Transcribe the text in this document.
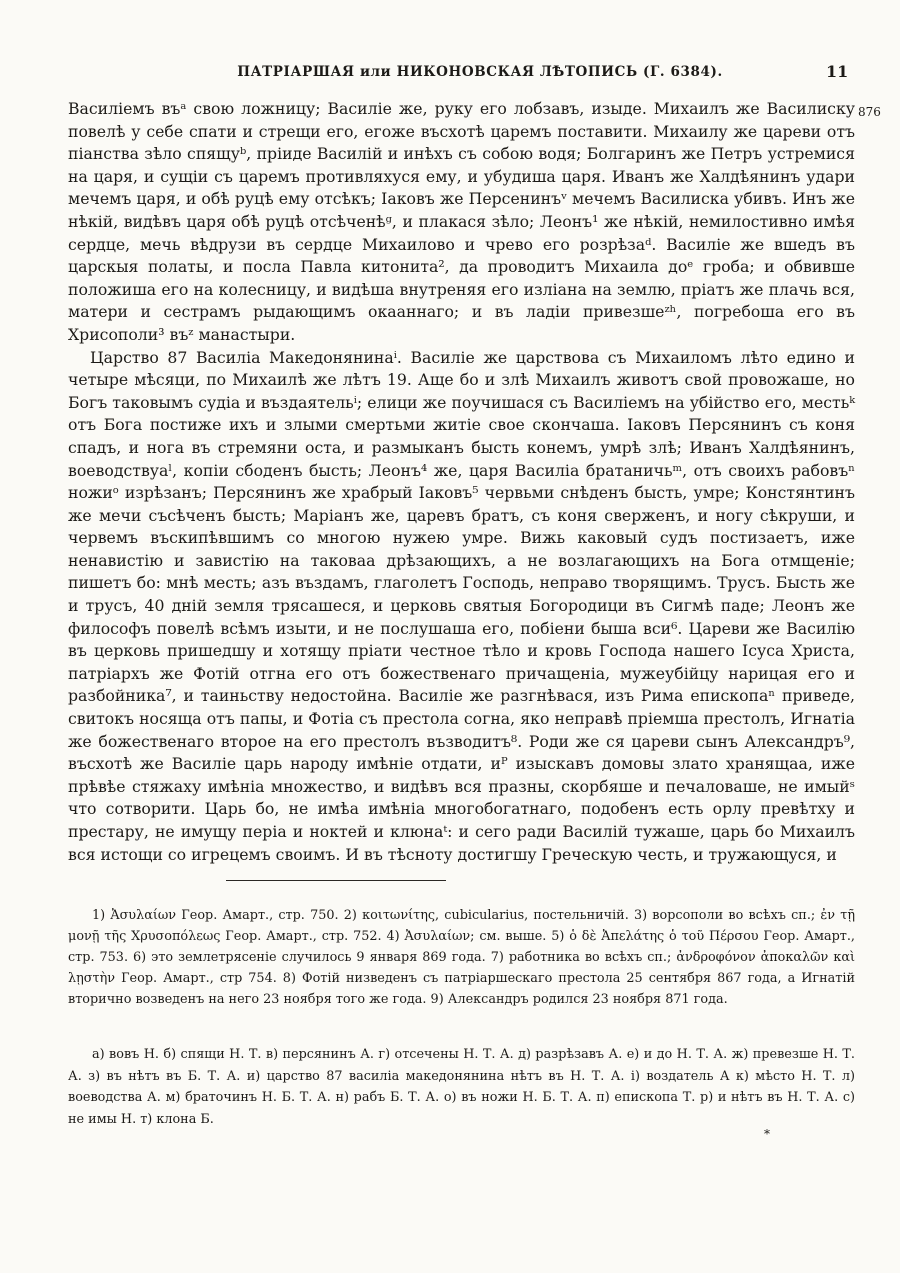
ПАТРІАРШАЯ или НИКОНОВСКАЯ ЛѢТОПИСЬ (Г. 6384).	11
876

Василіемъ въᵃ свою ложницу; Василіе же, руку его лобзавъ, изыде. Михаилъ же Василиску повелѣ у себе спати и стрещи его, егоже въсхотѣ царемъ поставити. Михаилу же цареви отъ піанства зѣло спящуᵇ, пріиде Василій и инѣхъ съ собою водя; Болгаринъ же Петръ устремися на царя, и сущіи съ царемъ противляхуся ему, и убудиша царя. Иванъ же Халдѣянинъ удари мечемъ царя, и обѣ руцѣ ему отсѣкъ; Іаковъ же Персенинъᵛ мечемъ Василиска убивъ. Инъ же нѣкій, видѣвъ царя обѣ руцѣ отсѣченѣᵍ, и плакася зѣло; Леонъ¹ же нѣкій, немилостивно имѣя сердце, мечь вѣдрузи въ сердце Михаилово и чрево его розрѣзаᵈ. Василіе же вшедъ въ царскыя полаты, и посла Павла китонита², да проводитъ Михаила доᵉ гроба; и обвивше положиша его на колесницу, и видѣша внутреняя его изліана на землю, пріатъ же плачь вся, матери и сестрамъ рыдающимъ окааннаго; и въ ладіи привезшеᶻʰ, погребоша его въ Хрисополи³ въᶻ манастыри.

Царство 87 Василіа Македонянинаⁱ. Василіе же царствова съ Михаиломъ лѣто едино и четыре мѣсяци, по Михаилѣ же лѣтъ 19. Аще бо и злѣ Михаилъ животъ свой провожаше, но Богъ таковымъ судіа и въздаятельⁱ; елици же поучишася съ Василіемъ на убійство его, местьᵏ отъ Бога постиже ихъ и злыми смертьми житіе свое скончаша. Іаковъ Персянинъ съ коня спадъ, и нога въ стремяни оста, и размыканъ бысть конемъ, умрѣ злѣ; Иванъ Халдѣянинъ, воеводствуаˡ, копіи сбоденъ бысть; Леонъ⁴ же, царя Василіа братаничьᵐ, отъ своихъ рабовъⁿ ножиᵒ изрѣзанъ; Персянинъ же храбрый Іаковъ⁵ червьми снѣденъ бысть, умре; Констянтинъ же мечи съсѣченъ бысть; Маріанъ же, царевъ братъ, съ коня сверженъ, и ногу сѣкруши, и червемъ въскипѣвшимъ со многою нужею умре. Вижь каковый судъ постизаетъ, иже ненавистію и завистію на таковаа дрѣзающихъ, а не возлагающихъ на Бога отмщеніе; пишетъ бо: мнѣ месть; азъ въздамъ, глаголетъ Господь, неправо творящимъ. Трусъ. Бысть же и трусъ, 40 дній земля трясашеся, и церковь святыя Богородици въ Сигмѣ паде; Леонъ же философъ повелѣ всѣмъ изыти, и не послушаша его, побіени быша вси⁶. Цареви же Василію въ церковь пришедшу и хотящу пріати честное тѣло и кровь Господа нашего Ісуса Христа, патріархъ же Фотій отгна его отъ божественаго причащеніа, мужеубійцу нарицая его и разбойника⁷, и таиньству недостойна. Василіе же разгнѣвася, изъ Рима епископаⁿ приведе, свитокъ носяща отъ папы, и Фотіа съ престола согна, яко неправѣ пріемша престолъ, Игнатіа же божественаго второе на его престолъ възводитъ⁸. Роди же ся цареви сынъ Александръ⁹, въсхотѣ же Василіе царь народу имѣніе отдати, иᴾ изыскавъ домовы злато хранящаа, иже прѣвѣе стяжаху имѣніа множество, и видѣвъ вся празны, скорбяше и печаловаше, не имыйˢ что сотворити. Царь бо, не имѣа имѣніа многобогатнаго, подобенъ есть орлу превѣтху и престару, не имущу періа и ноктей и клюнаᵗ: и сего ради Василій тужаше, царь бо Михаилъ вся истощи со игрецемъ своимъ. И въ тѣсноту достигшу Греческую честь, и тружающуся, и

1) Ἀσυλαίων Геор. Амарт., стр. 750. 2) κοιτωνίτης, cubicularius, постельничій. 3) ворсополи во всѣхъ сп.; ἐν τῇ μονῇ τῆς Χρυσοπόλεως Геор. Амарт., стр. 752. 4) Ἀσυλαίων; см. выше. 5) ὁ δὲ Ἀπελάτης ὁ τοῦ Πέρσου Геор. Амарт., стр. 753. 6) это землетрясеніе случилось 9 января 869 года. 7) работника во всѣхъ сп.; ἀνδροφόνον ἀποκαλῶν καὶ λῃστὴν Геор. Амарт., стр 754. 8) Фотій низведенъ съ патріаршескаго престола 25 сентября 867 года, а Игнатій вторично возведенъ на него 23 ноября того же года. 9) Александръ родился 23 ноября 871 года.

а) вовъ Н. б) спящи Н. Т. в) персянинъ А. г) отсечены Н. Т. А. д) разрѣзавъ А. е) и до Н. Т. А. ж) превезше Н. Т. А. з) въ нѣтъ въ Б. Т. А. и) царство 87 василіа македонянина нѣтъ въ Н. Т. А. і) воздатель А к) мѣсто Н. Т. л) воеводства А. м) браточинъ Н. Б. Т. А. н) рабъ Б. Т. А. о) въ ножи Н. Б. Т. А. п) епископа Т. р) и нѣтъ въ Н. Т. А. с) не имы Н. т) клона Б.

*
